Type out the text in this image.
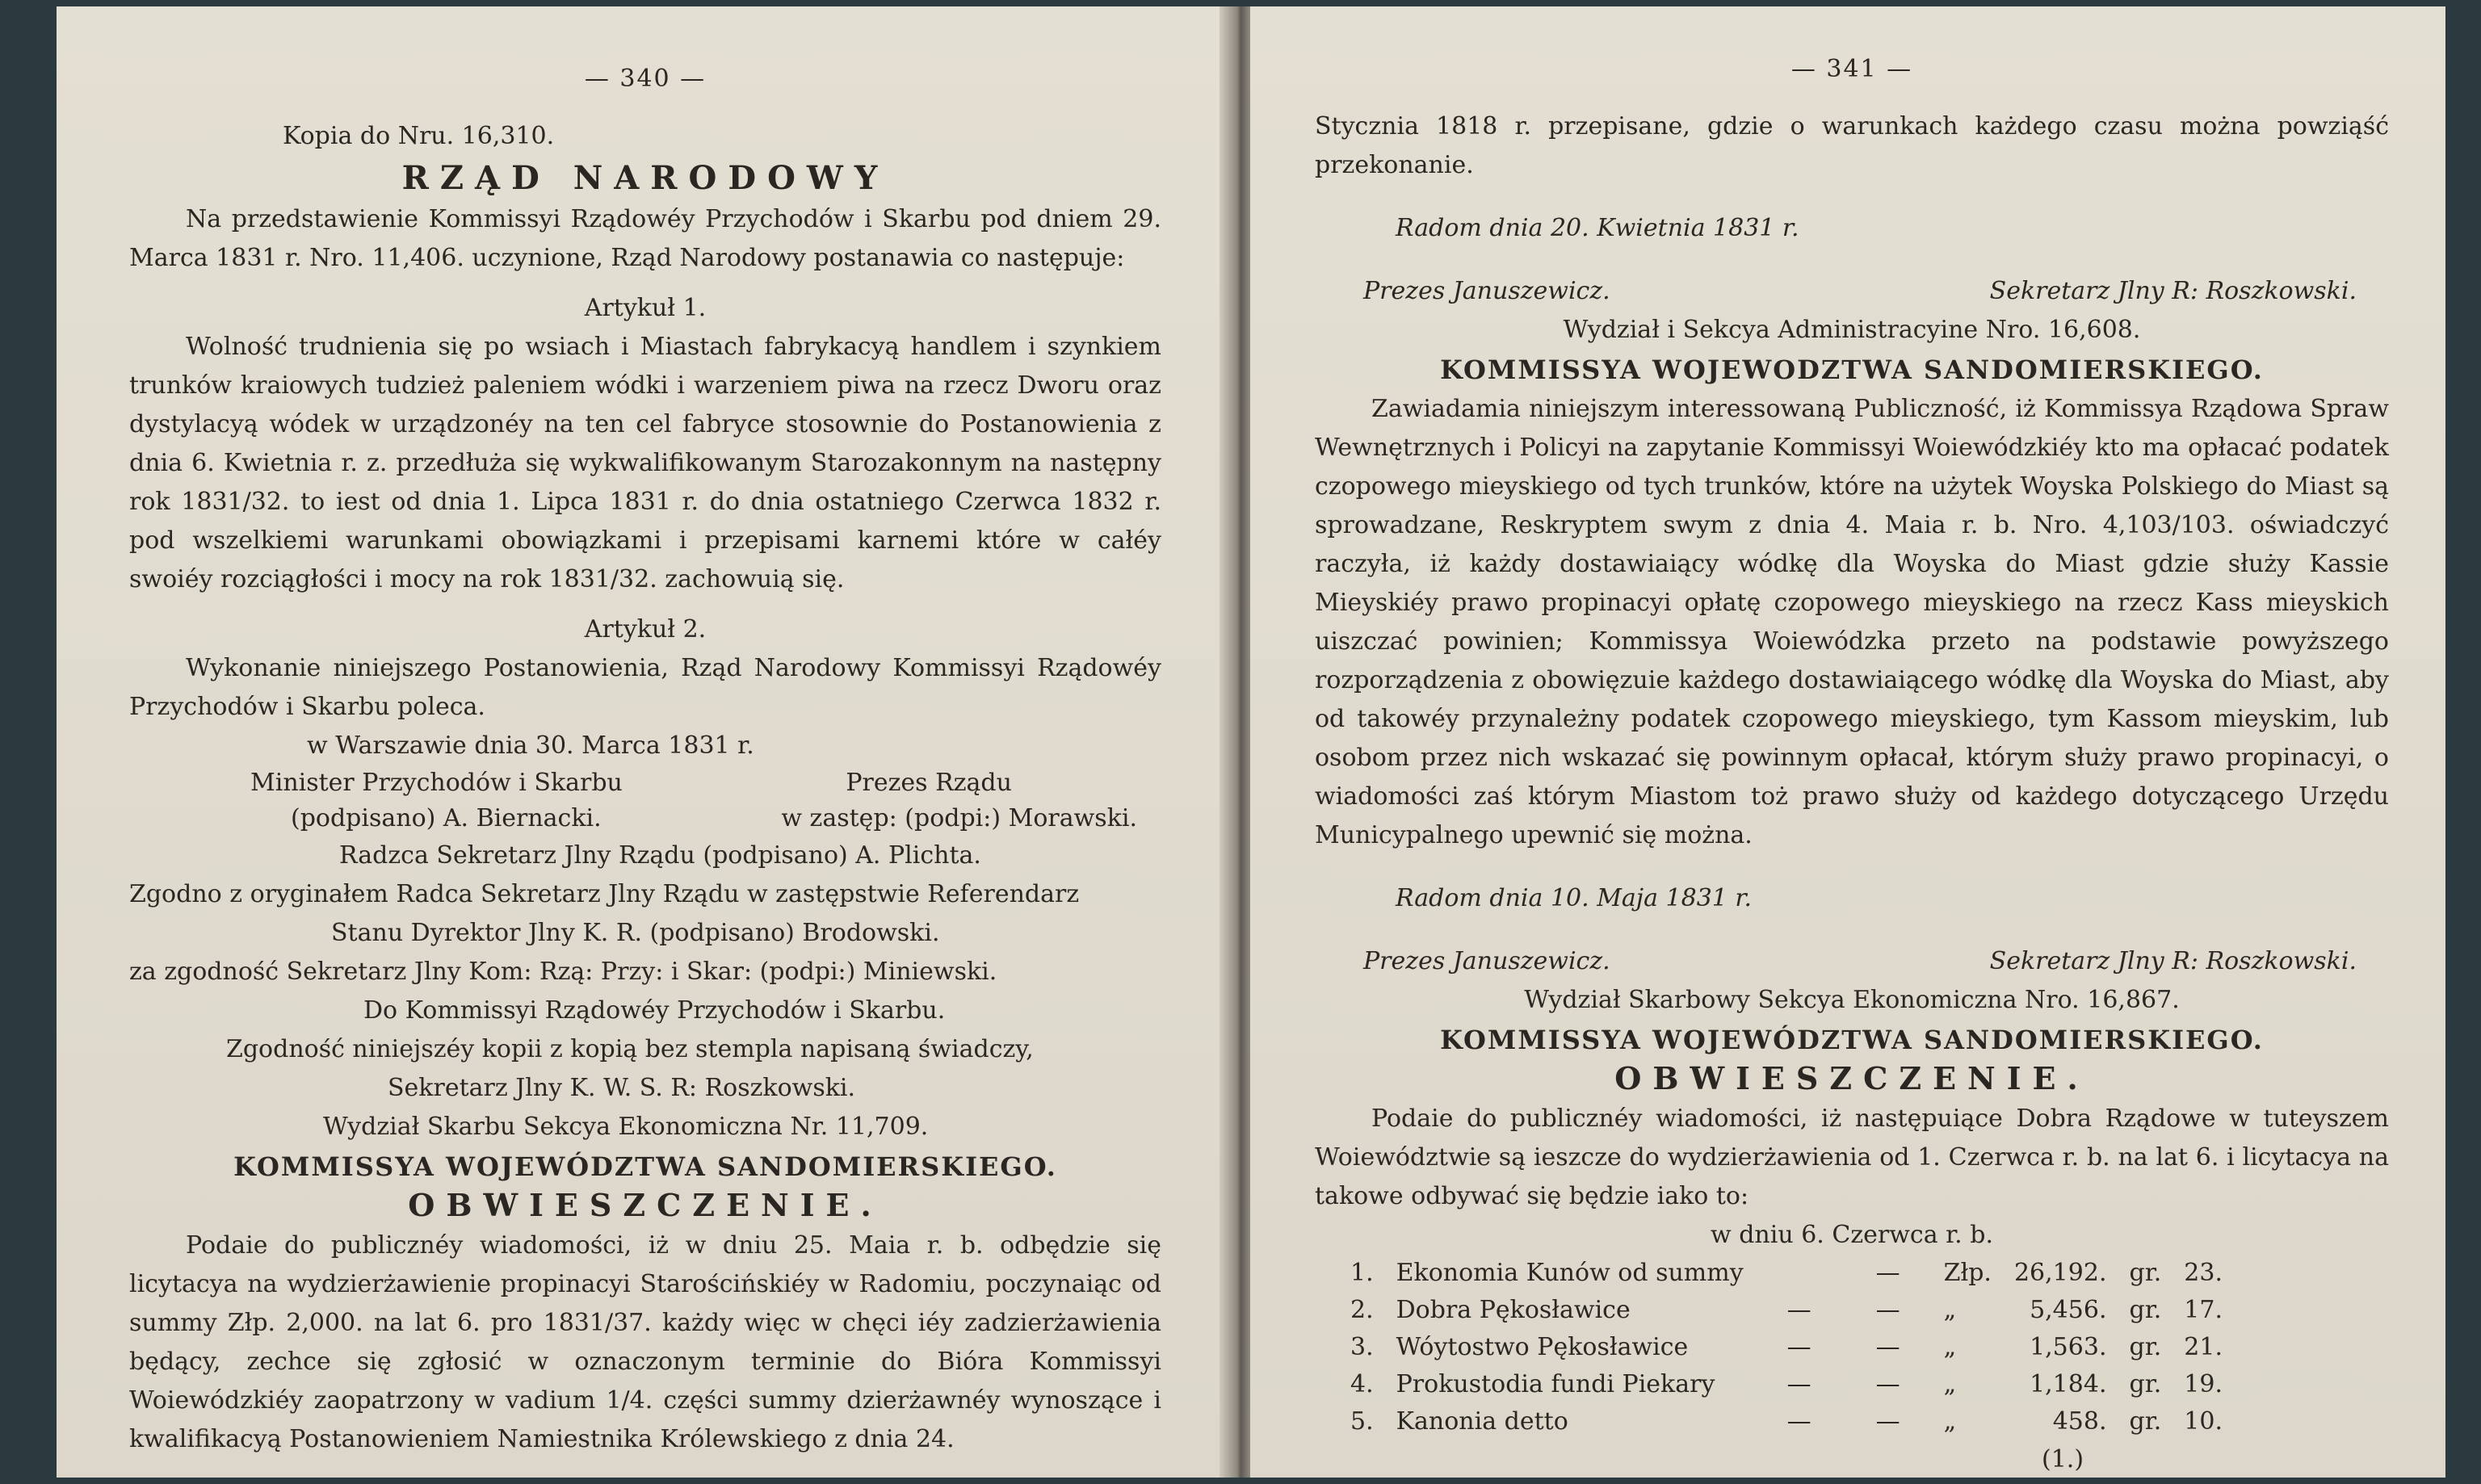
— 340 —

Kopia do Nru. 16,310.

RZĄD NARODOWY

Na przedstawienie Kommissyi Rządowéy Przychodów i Skarbu pod dniem 29. Marca 1831 r. Nro. 11,406. uczynione, Rząd Narodowy postanawia co następuje:

Artykuł 1.

Wolność trudnienia się po wsiach i Miastach fabrykacyą handlem i szynkiem trunków kraiowych tudzież paleniem wódki i warzeniem piwa na rzecz Dworu oraz dystylacyą wódek w urządzonéy na ten cel fabryce stosownie do Postanowienia z dnia 6. Kwietnia r. z. przedłuża się wykwalifikowanym Starozakonnym na następny rok 1831/32. to iest od dnia 1. Lipca 1831 r. do dnia ostatniego Czerwca 1832 r. pod wszelkiemi warunkami obowiązkami i przepisami karnemi które w całéy swoiéy rozciągłości i mocy na rok 1831/32. zachowuią się.

Artykuł 2.

Wykonanie niniejszego Postanowienia, Rząd Narodowy Kommissyi Rządowéy Przychodów i Skarbu poleca.

w Warszawie dnia 30. Marca 1831 r.

Minister Przychodów i Skarbu
(podpisano) A. Biernacki.
Prezes Rządu
w zastęp: (podpi:) Morawski.

Radzca Sekretarz Jlny Rządu (podpisano) A. Plichta.

Zgodno z oryginałem Radca Sekretarz Jlny Rządu w zastępstwie Referendarz

Stanu Dyrektor Jlny K. R. (podpisano) Brodowski.

za zgodność Sekretarz Jlny Kom: Rzą: Przy: i Skar: (podpi:) Miniewski.

Do Kommissyi Rządowéy Przychodów i Skarbu.

Zgodność niniejszéy kopii z kopią bez stempla napisaną świadczy,

Sekretarz Jlny K. W. S. R: Roszkowski.

Wydział Skarbu Sekcya Ekonomiczna Nr. 11,709.

KOMMISSYA WOJEWÓDZTWA SANDOMIERSKIEGO.
OBWIESZCZENIE.

Podaie do publicznéy wiadomości, iż w dniu 25. Maia r. b. odbędzie się licytacya na wydzierżawienie propinacyi Starościńskiéy w Radomiu, poczynaiąc od summy Złp. 2,000. na lat 6. pro 1831/37. każdy więc w chęci iéy zadzierżawienia będący, zechce się zgłosić w oznaczonym terminie do Bióra Kommissyi Woiewódzkiéy zaopatrzony w vadium 1/4. części summy dzierżawnéy wynoszące i kwalifikacyą Postanowieniem Namiestnika Królewskiego z dnia 24.

— 341 —

Stycznia 1818 r. przepisane, gdzie o warunkach każdego czasu można powziąść przekonanie.

Radom dnia 20. Kwietnia 1831 r.

Prezes Januszewicz.	Sekretarz Jlny R: Roszkowski.

Wydział i Sekcya Administracyine Nro. 16,608.

KOMMISSYA WOJEWODZTWA SANDOMIERSKIEGO.

Zawiadamia niniejszym interessowaną Publiczność, iż Kommissya Rządowa Spraw Wewnętrznych i Policyi na zapytanie Kommissyi Woiewódzkiéy kto ma opłacać podatek czopowego mieyskiego od tych trunków, które na użytek Woyska Polskiego do Miast są sprowadzane, Reskryptem swym z dnia 4. Maia r. b. Nro. 4,103/103. oświadczyć raczyła, iż każdy dostawiaiący wódkę dla Woyska do Miast gdzie służy Kassie Mieyskiéy prawo propinacyi opłatę czopowego mieyskiego na rzecz Kass mieyskich uiszczać powinien; Kommissya Woiewódzka przeto na podstawie powyższego rozporządzenia z obowięzuie każdego dostawiaiącego wódkę dla Woyska do Miast, aby od takowéy przynależny podatek czopowego mieyskiego, tym Kassom mieyskim, lub osobom przez nich wskazać się powinnym opłacał, którym służy prawo propinacyi, o wiadomości zaś którym Miastom toż prawo służy od każdego dotyczącego Urzędu Municypalnego upewnić się można.

Radom dnia 10. Maja 1831 r.

Prezes Januszewicz.	Sekretarz Jlny R: Roszkowski.

Wydział Skarbowy Sekcya Ekonomiczna Nro. 16,867.

KOMMISSYA WOJEWÓDZTWA SANDOMIERSKIEGO.
OBWIESZCZENIE.

Podaie do publicznéy wiadomości, iż następuiące Dobra Rządowe w tuteyszem Woiewództwie są ieszcze do wydzierżawienia od 1. Czerwca r. b. na lat 6. i licytacya na takowe odbywać się będzie iako to:

w dniu 6. Czerwca r. b.

1.	Ekonomia Kunów od summy		—	Złp.	26,192.	gr.	23.
2.	Dobra Pękosławice	—	—	„	5,456.	gr.	17.
3.	Wóytostwo Pękosławice	—	—	„	1,563.	gr.	21.
4.	Prokustodia fundi Piekary	—	—	„	1,184.	gr.	19.
5.	Kanonia detto	—	—	„	458.	gr.	10.

(1.)
